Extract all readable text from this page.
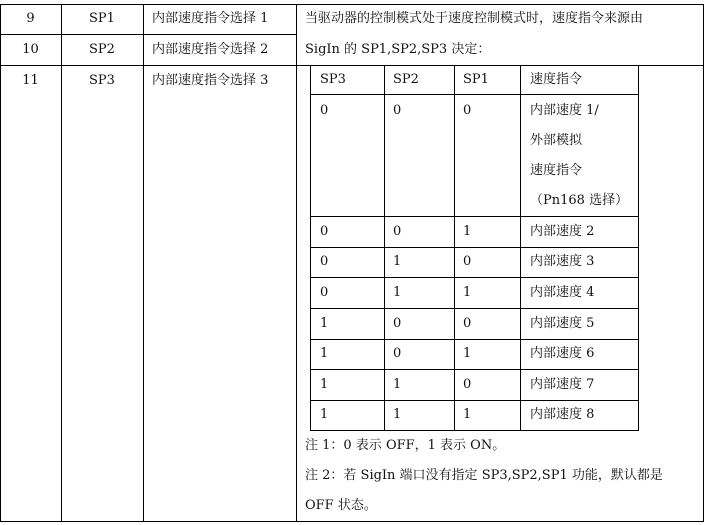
9	SP1	内部速度指令选择 1
10	SP2	内部速度指令选择 2
11	SP3	内部速度指令选择 3
当驱动器的控制模式处于速度控制模式时，速度指令来源由
SigIn 的 SP1,SP2,SP3 决定：
SP3	SP2	SP1	速度指令
0	0	0	内部速度 1/
外部模拟
速度指令
（Pn168 选择）
0	0	1	内部速度 2
0	1	0	内部速度 3
0	1	1	内部速度 4
1	0	0	内部速度 5
1	0	1	内部速度 6
1	1	0	内部速度 7
1	1	1	内部速度 8
注 1：0 表示 OFF，1 表示 ON。
注 2：若 SigIn 端口没有指定 SP3,SP2,SP1 功能，默认都是
OFF 状态。
